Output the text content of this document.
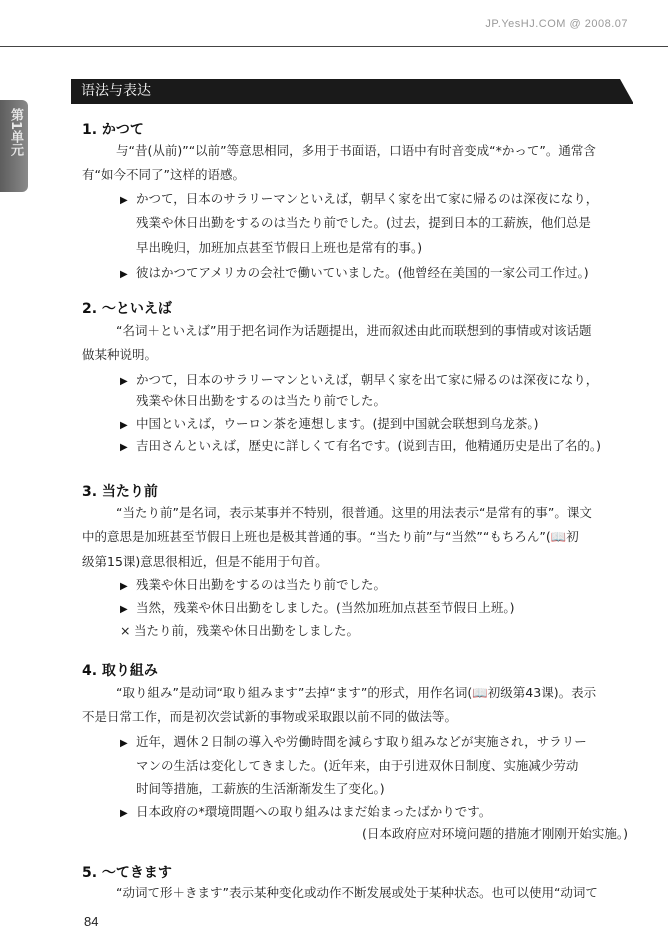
JP.YesHJ.COM @ 2008.07
第1单元
语法与表达
1. かつて
与“昔(从前)”“以前”等意思相同，多用于书面语，口语中有时音变成“*かって”。通常含
有“如今不同了”这样的语感。
▶ かつて，日本のサラリーマンといえば，朝早く家を出て家に帰るのは深夜になり，
残業や休日出勤をするのは当たり前でした。(过去，提到日本的工薪族，他们总是
早出晚归，加班加点甚至节假日上班也是常有的事。)
▶ 彼はかつてアメリカの会社で働いていました。(他曾经在美国的一家公司工作过。)
2. ～といえば
“名词＋といえば”用于把名词作为话题提出，进而叙述由此而联想到的事情或对该话题
做某种说明。
▶ かつて，日本のサラリーマンといえば，朝早く家を出て家に帰るのは深夜になり，
残業や休日出勤をするのは当たり前でした。
▶ 中国といえば，ウーロン茶を連想します。(提到中国就会联想到乌龙茶。)
▶ 吉田さんといえば，歴史に詳しくて有名です。(说到吉田，他精通历史是出了名的。)
3. 当たり前
“当たり前”是名词，表示某事并不特别，很普通。这里的用法表示“是常有的事”。课文
中的意思是加班甚至节假日上班也是极其普通的事。“当たり前”与“当然”“もちろん”(📖初
级第15课)意思很相近，但是不能用于句首。
▶ 残業や休日出勤をするのは当たり前でした。
▶ 当然，残業や休日出勤をしました。(当然加班加点甚至节假日上班。)
× 当たり前，残業や休日出勤をしました。
4. 取り組み
“取り組み”是动词“取り組みます”去掉“ます”的形式，用作名词(📖初级第43课)。表示
不是日常工作，而是初次尝试新的事物或采取跟以前不同的做法等。
▶ 近年，週休２日制の導入や労働時間を減らす取り組みなどが実施され，サラリー
マンの生活は変化してきました。(近年来，由于引进双休日制度、实施减少劳动
时间等措施，工薪族的生活渐渐发生了变化。)
▶ 日本政府の*環境問題への取り組みはまだ始まったばかりです。
(日本政府应对环境问题的措施才刚刚开始实施。)
5. ～てきます
“动词て形＋きます”表示某种变化或动作不断发展或处于某种状态。也可以使用“动词て
84
